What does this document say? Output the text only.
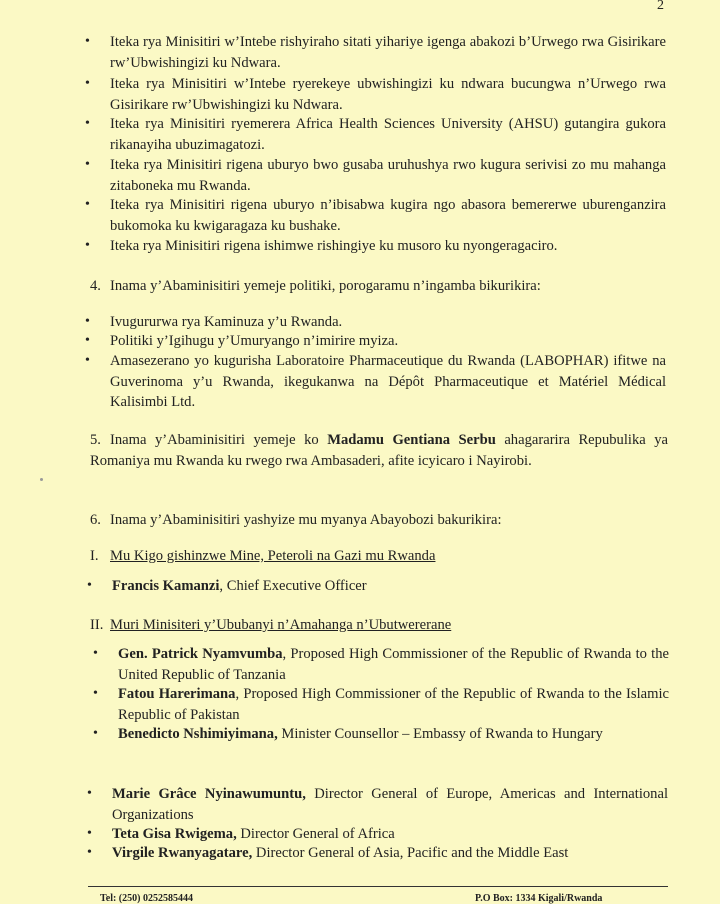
2
• Iteka rya Minisitiri w’Intebe rishyiraho sitati yihariye igenga abakozi b’Urwego rwa Gisirikare rw’Ubwishingizi ku Ndwara.
• Iteka rya Minisitiri w’Intebe ryerekeye ubwishingizi ku ndwara bucungwa n’Urwego rwa Gisirikare rw’Ubwishingizi ku Ndwara.
• Iteka rya Minisitiri ryemerera Africa Health Sciences University (AHSU) gutangira gukora rikanayiha ubuzimagatozi.
• Iteka rya Minisitiri rigena uburyo bwo gusaba uruhushya rwo kugura serivisi zo mu mahanga zitaboneka mu Rwanda.
• Iteka rya Minisitiri rigena uburyo n’ibisabwa kugira ngo abasora bemererwe uburenganzira bukomoka ku kwigaragaza ku bushake.
• Iteka rya Minisitiri rigena ishimwe rishingiye ku musoro ku nyongeragaciro.
4. Inama y’Abaminisitiri yemeje politiki, porogaramu n’ingamba bikurikira:
• Ivugururwa rya Kaminuza y’u Rwanda.
• Politiki y’Igihugu y’Umuryango n’imirire myiza.
• Amasezerano yo kugurisha Laboratoire Pharmaceutique du Rwanda (LABOPHAR) ifitwe na Guverinoma y’u Rwanda, ikegukanwa na Dépôt Pharmaceutique et Matériel Médical Kalisimbi Ltd.
5. Inama y’Abaminisitiri yemeje ko Madamu Gentiana Serbu ahagararira Repubulika ya Romaniya mu Rwanda ku rwego rwa Ambasaderi, afite icyicaro i Nayirobi.
6. Inama y’Abaminisitiri yashyize mu myanya Abayobozi bakurikira:
I. Mu Kigo gishinzwe Mine, Peteroli na Gazi mu Rwanda
• Francis Kamanzi, Chief Executive Officer
II. Muri Minisiteri y’Ububanyi n’Amahanga n’Ubutwererane
• Gen. Patrick Nyamvumba, Proposed High Commissioner of the Republic of Rwanda to the United Republic of Tanzania
• Fatou Harerimana, Proposed High Commissioner of the Republic of Rwanda to the Islamic Republic of Pakistan
• Benedicto Nshimiyimana, Minister Counsellor – Embassy of Rwanda to Hungary
• Marie Grâce Nyinawumuntu, Director General of Europe, Americas and International Organizations
• Teta Gisa Rwigema, Director General of Africa
• Virgile Rwanyagatare, Director General of Asia, Pacific and the Middle East
Tel: (250) 0252585444	P.O Box: 1334 Kigali/Rwanda
